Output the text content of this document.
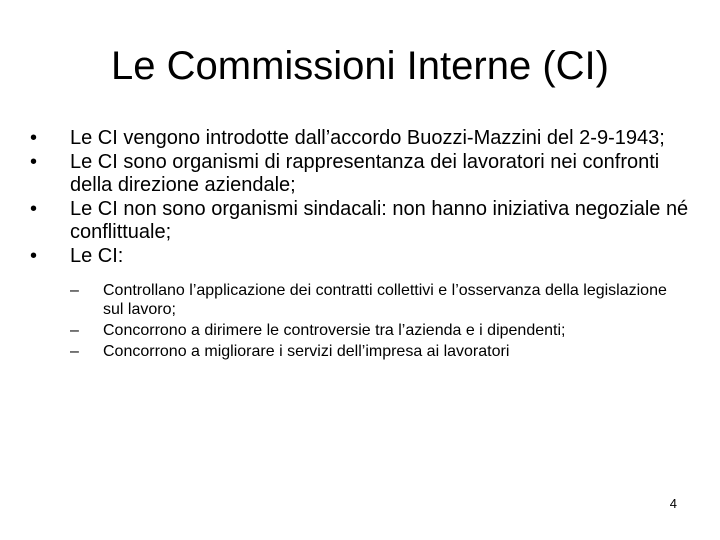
Le Commissioni Interne (CI)
•	Le CI vengono introdotte dall’accordo Buozzi-Mazzini del 2-9-1943;
•	Le CI sono organismi di rappresentanza dei lavoratori nei confronti della direzione aziendale;
•	Le CI non sono organismi sindacali: non hanno iniziativa negoziale né conflittuale;
•	Le CI:
–	Controllano l’applicazione dei contratti collettivi e l’osservanza della legislazione sul lavoro;
–	Concorrono a dirimere le controversie tra l’azienda e i dipendenti;
–	Concorrono a migliorare i servizi dell’impresa ai lavoratori
4
